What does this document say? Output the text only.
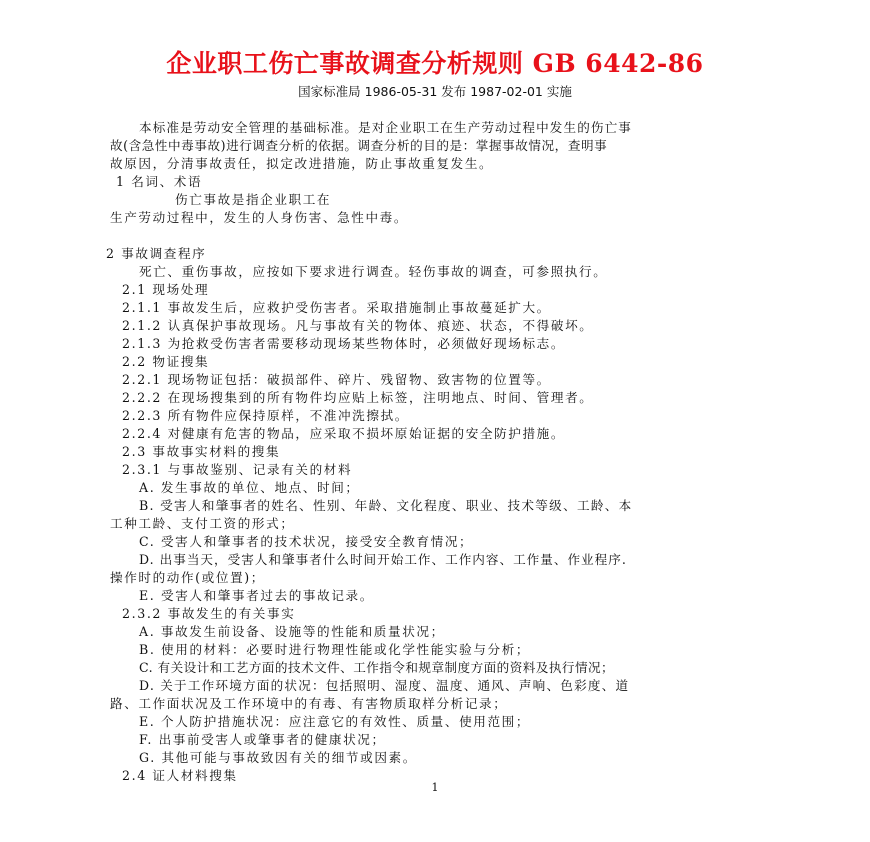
企业职工伤亡事故调查分析规则 GB 6442-86
国家标准局 1986-05-31 发布 1987-02-01 实施
本标准是劳动安全管理的基础标准。是对企业职工在生产劳动过程中发生的伤亡事
故(含急性中毒事故)进行调查分析的依据。调查分析的目的是：掌握事故情况，查明事
故原因，分清事故责任，拟定改进措施，防止事故重复发生。
1 名词、术语
伤亡事故是指企业职工在
生产劳动过程中，发生的人身伤害、急性中毒。
2 事故调查程序
死亡、重伤事故，应按如下要求进行调查。轻伤事故的调查，可参照执行。
2.1 现场处理
2.1.1 事故发生后，应救护受伤害者。采取措施制止事故蔓延扩大。
2.1.2 认真保护事故现场。凡与事故有关的物体、痕迹、状态，不得破坏。
2.1.3 为抢救受伤害者需要移动现场某些物体时，必须做好现场标志。
2.2 物证搜集
2.2.1 现场物证包括：破损部件、碎片、残留物、致害物的位置等。
2.2.2 在现场搜集到的所有物件均应贴上标签，注明地点、时间、管理者。
2.2.3 所有物件应保持原样，不准冲洗擦拭。
2.2.4 对健康有危害的物品，应采取不损坏原始证据的安全防护措施。
2.3 事故事实材料的搜集
2.3.1 与事故鉴别、记录有关的材料
A. 发生事故的单位、地点、时间；
B. 受害人和肇事者的姓名、性别、年龄、文化程度、职业、技术等级、工龄、本
工种工龄、支付工资的形式；
C. 受害人和肇事者的技术状况，接受安全教育情况；
D. 出事当天，受害人和肇事者什么时间开始工作、工作内容、工作量、作业程序.
操作时的动作(或位置)；
E. 受害人和肇事者过去的事故记录。
2.3.2 事故发生的有关事实
A. 事故发生前设备、设施等的性能和质量状况；
B. 使用的材料：必要时进行物理性能或化学性能实验与分析；
C. 有关设计和工艺方面的技术文件、工作指令和规章制度方面的资料及执行情况；
D. 关于工作环境方面的状况：包括照明、湿度、温度、通风、声响、色彩度、道
路、工作面状况及工作环境中的有毒、有害物质取样分析记录；
E. 个人防护措施状况：应注意它的有效性、质量、使用范围；
F. 出事前受害人或肇事者的健康状况；
G. 其他可能与事故致因有关的细节或因素。
2.4 证人材料搜集
1
